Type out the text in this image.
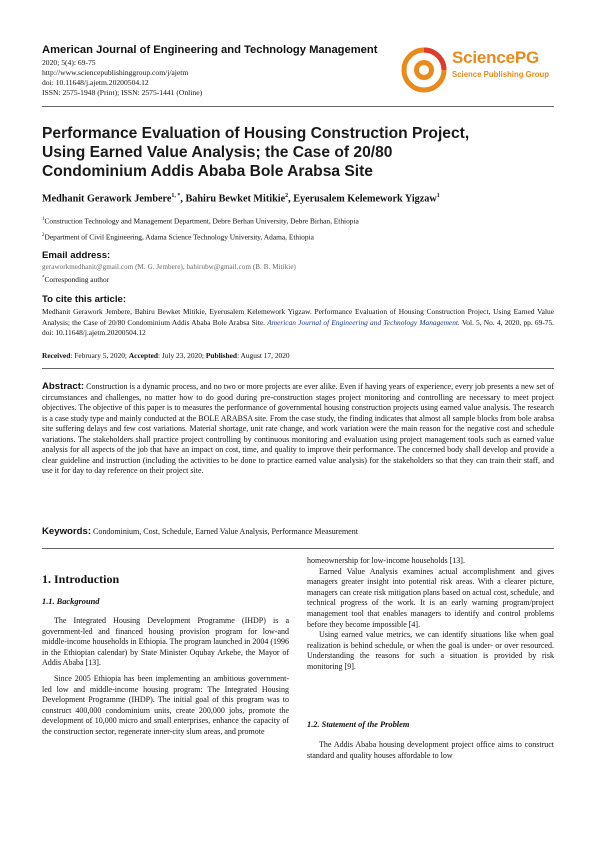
American Journal of Engineering and Technology Management
2020; 5(4): 69-75
http://www.sciencepublishinggroup.com/j/ajetm
doi: 10.11648/j.ajetm.20200504.12
ISSN: 2575-1948 (Print); ISSN: 2575-1441 (Online)
SciencePG
Science Publishing Group
Performance Evaluation of Housing Construction Project,
Using Earned Value Analysis; the Case of 20/80
Condominium Addis Ababa Bole Arabsa Site
Medhanit Gerawork Jembere$^{1, *}$, Bahiru Bewket Mitikie$^2$, Eyerusalem Kelemework Yigzaw$^1$
$^1$Construction Technology and Management Department, Debre Berhan University, Debre Birhan, Ethiopia
$^2$Department of Civil Engineering, Adama Science Technology University, Adama, Ethiopia
Email address:
geraworkmedhanit@gmail.com (M. G. Jembere), bahirubw@gmail.com (B. B. Mitikie)
*Corresponding author
To cite this article:
Medhanit Gerawork Jembere, Bahiru Bewket Mitikie, Eyerusalem Kelemework Yigzaw. Performance Evaluation of Housing Construction Project, Using Earned Value Analysis; the Case of 20/80 Condominium Addis Ababa Bole Arabsa Site. American Journal of Engineering and Technology Management. Vol. 5, No. 4, 2020, pp. 69-75. doi: 10.11648/j.ajetm.20200504.12
Received: February 5, 2020; Accepted: July 23, 2020; Published: August 17, 2020
Abstract: Construction is a dynamic process, and no two or more projects are ever alike. Even if having years of experience, every job presents a new set of circumstances and challenges, no matter how to do good during pre-construction stages project monitoring and controlling are necessary to meet project objectives. The objective of this paper is to measures the performance of governmental housing construction projects using earned value analysis. The research is a case study type and mainly conducted at the BOLE ARABSA site. From the case study, the finding indicates that almost all sample blocks from bole arabsa site suffering delays and few cost variations. Material shortage, unit rate change, and work variation were the main reason for the negative cost and schedule variations. The stakeholders shall practice project controlling by continuous monitoring and evaluation using project management tools such as earned value analysis for all aspects of the job that have an impact on cost, time, and quality to improve their performance. The concerned body shall develop and provide a clear guideline and instruction (including the activities to be done to practice earned value analysis) for the stakeholders so that they can train their staff, and use it for day to day reference on their project site.
Keywords: Condominium, Cost, Schedule, Earned Value Analysis, Performance Measurement
1. Introduction
1.1. Background

The Integrated Housing Development Programme (IHDP) is a government-led and financed housing provision program for low-and middle-income households in Ethiopia. The program launched in 2004 (1996 in the Ethiopian calendar) by State Minister Oqubay Arkebe, the Mayor of Addis Ababa [13].

Since 2005 Ethiopia has been implementing an ambitious government-led low and middle-income housing program: The Integrated Housing Development Programme (IHDP). The initial goal of this program was to construct 400,000 condominium units, create 200,000 jobs, promote the development of 10,000 micro and small enterprises, enhance the capacity of the construction sector, regenerate inner-city slum areas, and promote

homeownership for low-income households [13].

Earned Value Analysis examines actual accomplishment and gives managers greater insight into potential risk areas. With a clearer picture, managers can create risk mitigation plans based on actual cost, schedule, and technical progress of the work. It is an early warning program/project management tool that enables managers to identify and control problems before they become impossible [4].

Using earned value metrics, we can identify situations like when goal realization is behind schedule, or when the goal is under- or over resourced. Understanding the reasons for such a situation is provided by risk monitoring [9].

1.2. Statement of the Problem

The Addis Ababa housing development project office aims to construct standard and quality houses affordable to low
